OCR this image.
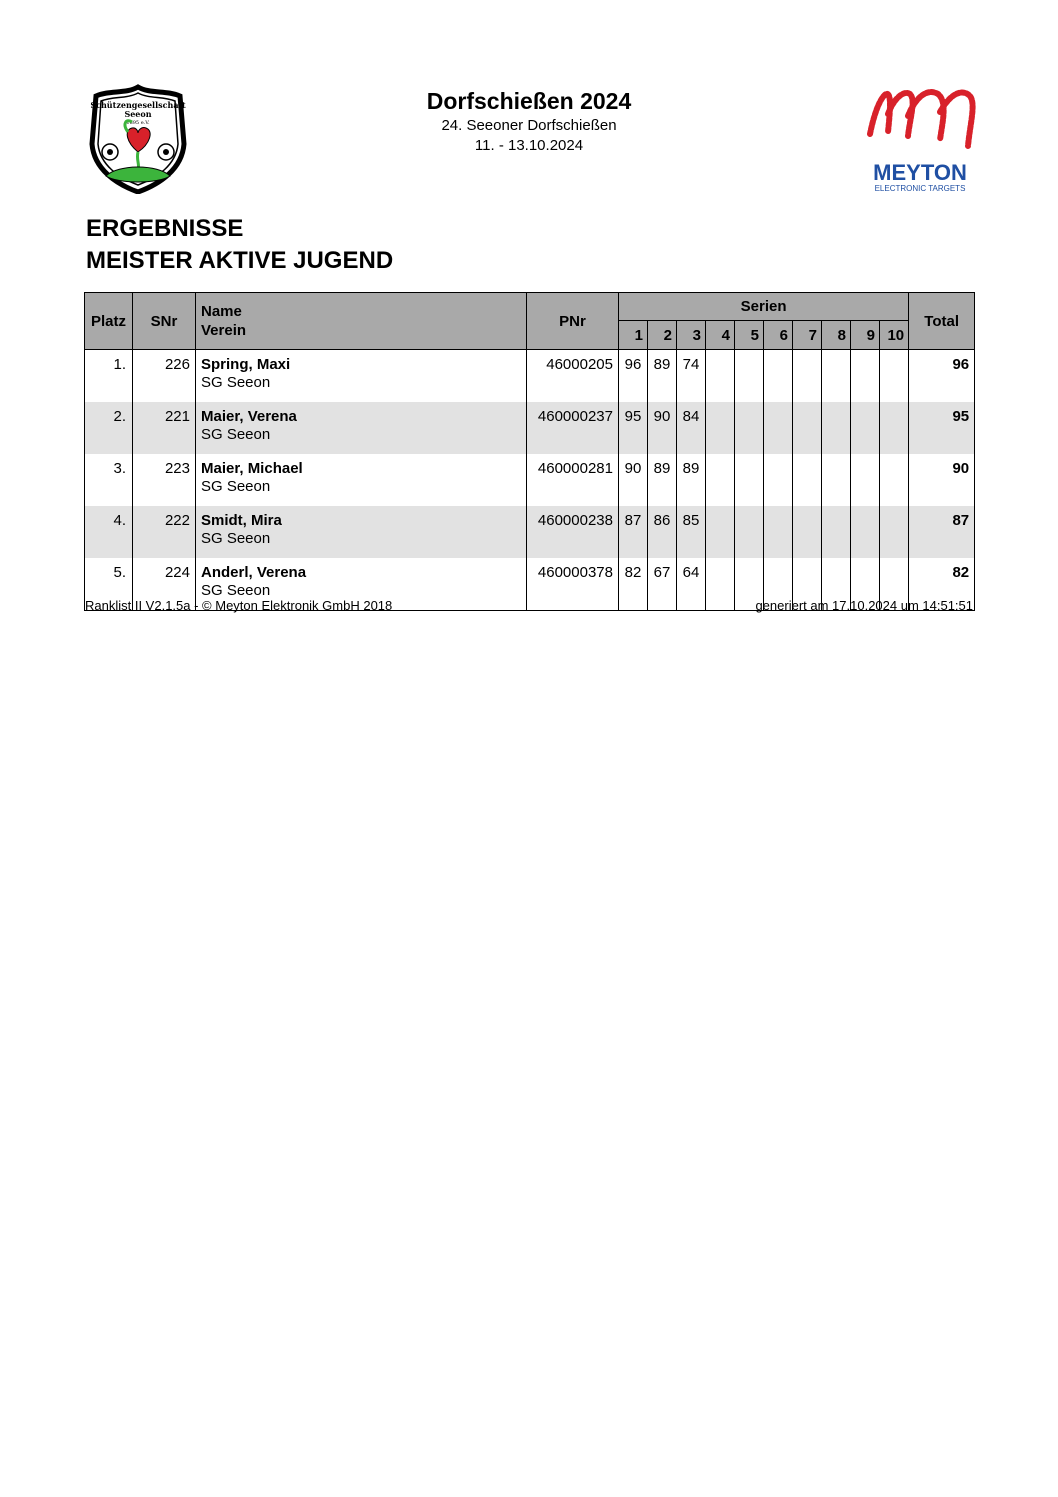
Schützengesellschaft
Seeon
1895 e.V.
Dorfschießen 2024
24. Seeoner Dorfschießen
11. - 13.10.2024
MEYTON
ELECTRONIC TARGETS
ERGEBNISSE
MEISTER AKTIVE JUGEND
Platz	SNr	Name
Verein	PNr	Serien										Total
				1	2	3	4	5	6	7	8	9	10	
1.	226	Spring, Maxi
SG Seeon	46000205	96	89	74								96
2.	221	Maier, Verena
SG Seeon	460000237	95	90	84								95
3.	223	Maier, Michael
SG Seeon	460000281	90	89	89								90
4.	222	Smidt, Mira
SG Seeon	460000238	87	86	85								87
5.	224	Anderl, Verena
SG Seeon	460000378	82	67	64								82
Ranklist II V2.1.5a - © Meyton Elektronik GmbH 2018	generiert am 17.10.2024 um 14:51:51
